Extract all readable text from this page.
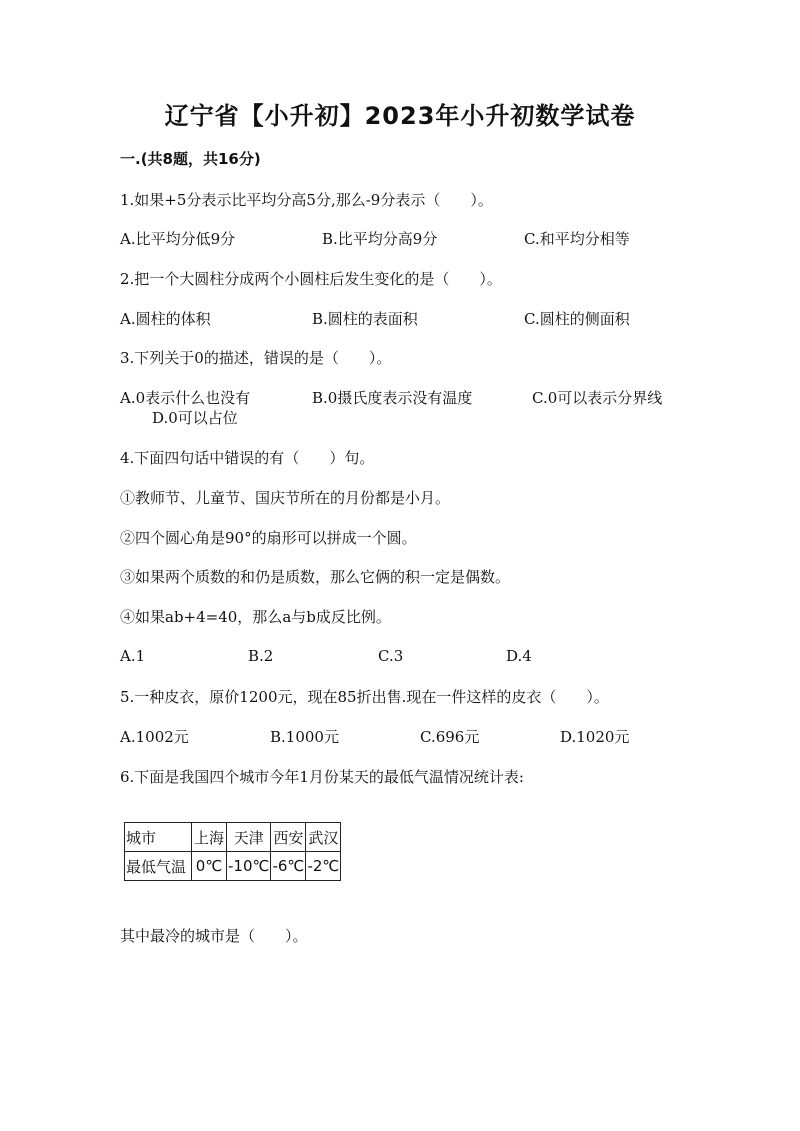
辽宁省【小升初】2023年小升初数学试卷
一.(共8题，共16分)
1.如果+5分表示比平均分高5分,那么-9分表示（　　）。
A.比平均分低9分	B.比平均分高9分	C.和平均分相等
2.把一个大圆柱分成两个小圆柱后发生变化的是（　　）。
A.圆柱的体积	B.圆柱的表面积	C.圆柱的侧面积
3.下列关于0的描述，错误的是（　　）。
A.0表示什么也没有	B.0摄氏度表示没有温度	C.0可以表示分界线
D.0可以占位
4.下面四句话中错误的有（　　）句。
①教师节、儿童节、国庆节所在的月份都是小月。
②四个圆心角是90°的扇形可以拼成一个圆。
③如果两个质数的和仍是质数，那么它俩的积一定是偶数。
④如果ab+4=40，那么a与b成反比例。
A.1	B.2	C.3	D.4
5.一种皮衣，原价1200元，现在85折出售.现在一件这样的皮衣（　　）。
A.1002元	B.1000元	C.696元	D.1020元
6.下面是我国四个城市今年1月份某天的最低气温情况统计表:
城市	上海	天津	西安	武汉
最低气温	0℃	-10℃	-6℃	-2℃
其中最冷的城市是（　　）。
